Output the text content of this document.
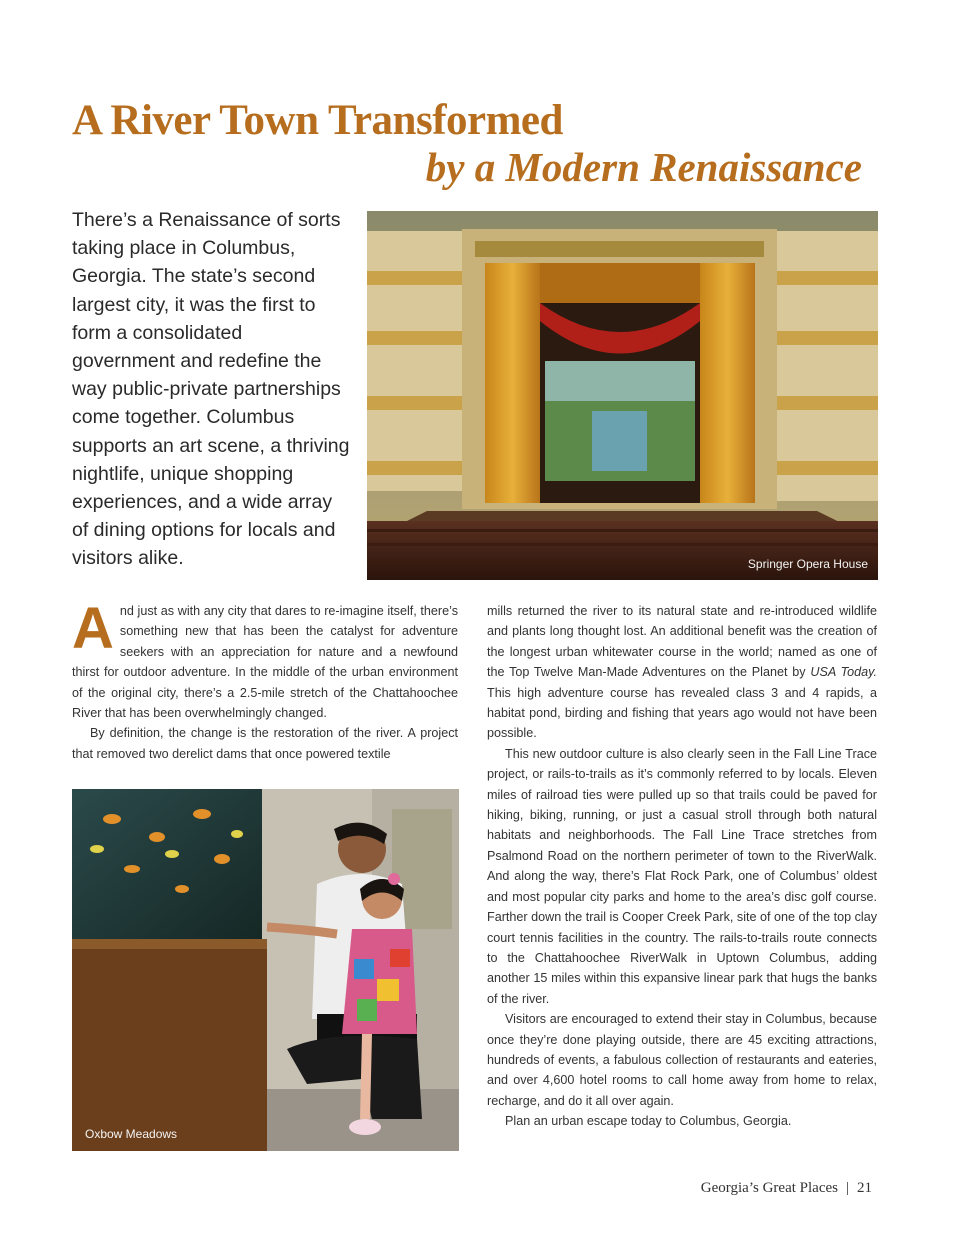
A River Town Transformed
by a Modern Renaissance

There’s a Renaissance of sorts taking place in Columbus, Georgia. The state’s second largest city, it was the first to form a consolidated government and redefine the way public-private partnerships come together. Columbus supports an art scene, a thriving nightlife, unique shopping experiences, and a wide array of dining options for locals and visitors alike.	Springer Opera House

And just as with any city that dares to re-imagine itself, there’s something new that has been the catalyst for adventure seekers with an appreciation for nature and a newfound thirst for outdoor adventure. In the middle of the urban environment of the original city, there’s a 2.5-mile stretch of the Chattahoochee River that has been overwhelmingly changed.

By definition, the change is the restoration of the river. A project that removed two derelict dams that once powered textile

Oxbow Meadows

mills returned the river to its natural state and re-introduced wildlife and plants long thought lost. An additional benefit was the creation of the longest urban whitewater course in the world; named as one of the Top Twelve Man-Made Adventures on the Planet by USA Today. This high adventure course has revealed class 3 and 4 rapids, a habitat pond, birding and fishing that years ago would not have been possible.

This new outdoor culture is also clearly seen in the Fall Line Trace project, or rails-to-trails as it’s commonly referred to by locals. Eleven miles of railroad ties were pulled up so that trails could be paved for hiking, biking, running, or just a casual stroll through both natural habitats and neighborhoods. The Fall Line Trace stretches from Psalmond Road on the northern perimeter of town to the RiverWalk. And along the way, there’s Flat Rock Park, one of Columbus’ oldest and most popular city parks and home to the area’s disc golf course. Farther down the trail is Cooper Creek Park, site of one of the top clay court tennis facilities in the country. The rails-to-trails route connects to the Chattahoochee RiverWalk in Uptown Columbus, adding another 15 miles within this expansive linear park that hugs the banks of the river.

Visitors are encouraged to extend their stay in Columbus, because once they’re done playing outside, there are 45 exciting attractions, hundreds of events, a fabulous collection of restaurants and eateries, and over 4,600 hotel rooms to call home away from home to relax, recharge, and do it all over again.

Plan an urban escape today to Columbus, Georgia.

Georgia’s Great Places | 21
